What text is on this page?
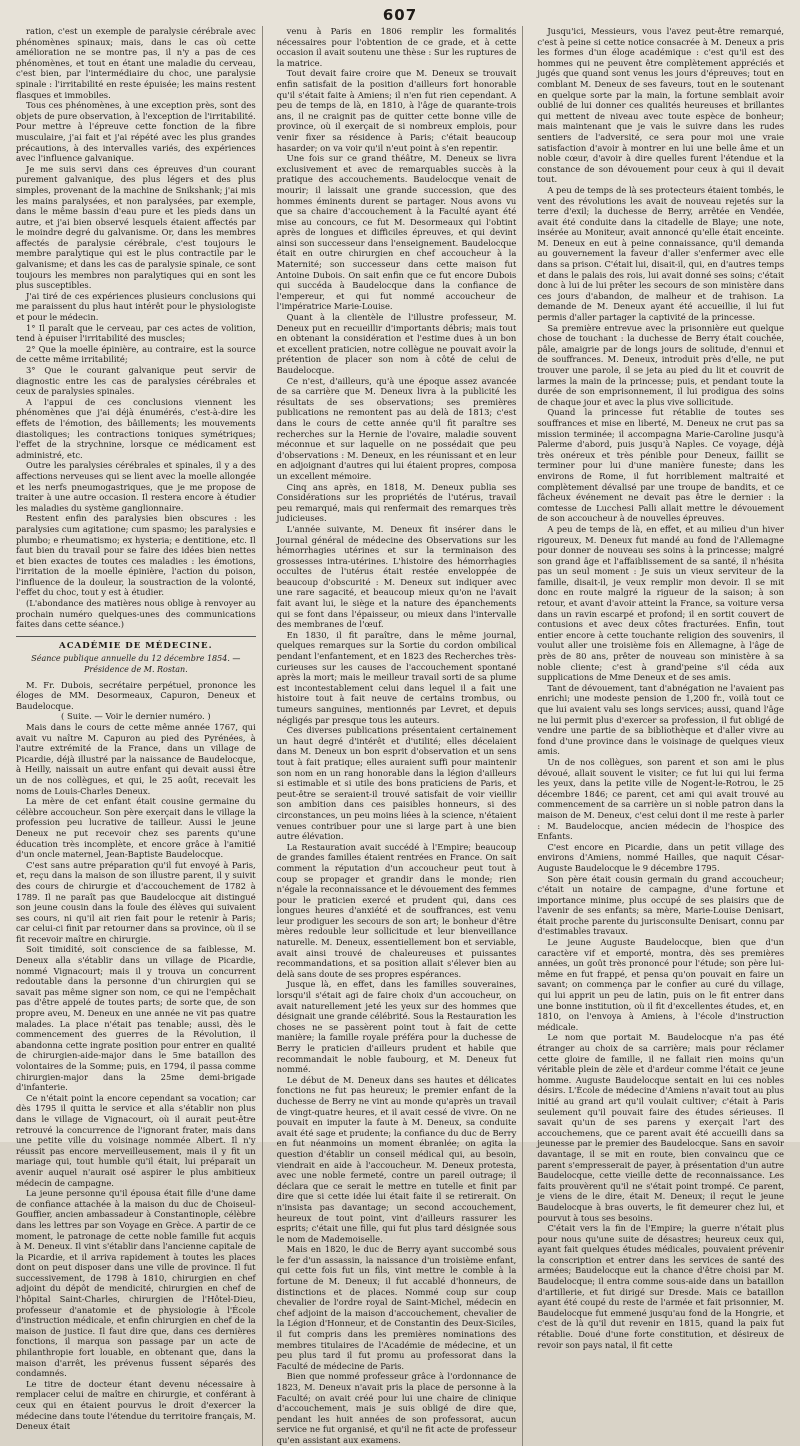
607

ration, c'est un exemple de paralysie cérébrale avec phénomènes spinaux; mais, dans le cas où cette amélioration ne se montre pas, il n'y a pas de ces phénomènes, et tout en étant une maladie du cerveau, c'est bien, par l'intermédiaire du choc, une paralysie spinale : l'irritabilité en reste épuisée; les mains restent flasques et immobiles.

Tous ces phénomènes, à une exception près, sont des objets de pure observation, à l'exception de l'irritabilité. Pour mettre à l'épreuve cette fonction de la fibre musculaire, j'ai fait et j'ai répété avec les plus grandes précautions, à des intervalles variés, des expériences avec l'influence galvanique.

Je me suis servi dans ces épreuves d'un courant purement galvanique, des plus légers et des plus simples, provenant de la machine de Snikshank; j'ai mis les mains paralysées, et non paralysées, par exemple, dans le même bassin d'eau pure et les pieds dans un autre, et j'ai bien observé lesquels étaient affectés par le moindre degré du galvanisme. Or, dans les membres affectés de paralysie cérébrale, c'est toujours le membre paralytique qui est le plus contractile par le galvanisme; et dans les cas de paralysie spinale, ce sont toujours les membres non paralytiques qui en sont les plus susceptibles.

J'ai tiré de ces expériences plusieurs conclusions qui me paraissent du plus haut intérêt pour le physiologiste et pour le médecin.

1° Il paraît que le cerveau, par ces actes de volition, tend à épuiser l'irritabilité des muscles;

2° Que la moelle épinière, au contraire, est la source de cette même irritabilité;

3° Que le courant galvanique peut servir de diagnostic entre les cas de paralysies cérébrales et ceux de paralysies spinales.

A l'appui de ces conclusions viennent les phénomènes que j'ai déjà énumérés, c'est-à-dire les effets de l'émotion, des bâillements; les mouvements diastoliques; les contractions toniques symétriques; l'effet de la strychnine, lorsque ce médicament est administré, etc.

Outre les paralysies cérébrales et spinales, il y a des affections nerveuses qui se lient avec la moelle allongée et les nerfs pneumogastriques, que je me propose de traiter à une autre occasion. Il restera encore à étudier les maladies du système ganglionnaire.

Restent enfin des paralysies bien obscures : les paralysies cum agitatione; cum spasmo; les paralysies e plumbo; e rheumatismo; ex hysteria; e dentitione, etc. Il faut bien du travail pour se faire des idées bien nettes et bien exactes de toutes ces maladies : les émotions, l'irritation de la moelle épinière, l'action du poison, l'influence de la douleur, la soustraction de la volonté, l'effet du choc, tout y est à étudier.

(L'abondance des matières nous oblige à renvoyer au prochain numéro quelques-unes des communications faites dans cette séance.)

ACADÉMIE DE MÉDECINE.
Séance publique annuelle du 12 décembre 1854. — Présidence de M. Rostan.

M. Fr. Dubois, secrétaire perpétuel, prononce les éloges de MM. Desormeaux, Capuron, Deneux et Baudelocque.

( Suite. — Voir le dernier numéro. )

Mais dans le cours de cette même année 1767, qui avait vu naître M. Capuron au pied des Pyrénées, à l'autre extrémité de la France, dans un village de Picardie, déjà illustré par la naissance de Baudelocque, à Heilly, naissait un autre enfant qui devait aussi être un de nos collègues, et qui, le 25 août, recevait les noms de Louis-Charles Deneux.

La mère de cet enfant était cousine germaine du célèbre accoucheur. Son père exerçait dans le village la profession peu lucrative de tailleur. Aussi le jeune Deneux ne put recevoir chez ses parents qu'une éducation très incomplète, et encore grâce à l'amitié d'un oncle maternel, Jean-Baptiste Baudelocque.

C'est sans autre préparation qu'il fut envoyé à Paris, et, reçu dans la maison de son illustre parent, il y suivit des cours de chirurgie et d'accouchement de 1782 à 1789. Il ne paraît pas que Baudelocque ait distingué son jeune cousin dans la foule des élèves qui suivaient ses cours, ni qu'il ait rien fait pour le retenir à Paris; car celui-ci finit par retourner dans sa province, où il se fit recevoir maître en chirurgie.

Soit timidité, soit conscience de sa faiblesse, M. Deneux alla s'établir dans un village de Picardie, nommé Vignacourt; mais il y trouva un concurrent redoutable dans la personne d'un chirurgien qui se savait pas même signer son nom, ce qui ne l'empêchait pas d'être appelé de toutes parts; de sorte que, de son propre aveu, M. Deneux en une année ne vit pas quatre malades. La place n'était pas tenable; aussi, dès le commencement des guerres de la Révolution, il abandonna cette ingrate position pour entrer en qualité de chirurgien-aide-major dans le 5me bataillon des volontaires de la Somme; puis, en 1794, il passa comme chirurgien-major dans la 25me demi-brigade d'infanterie.

Ce n'était point la encore cependant sa vocation; car dès 1795 il quitta le service et alla s'établir non plus dans le village de Vignacourt, où il aurait peut-être retrouvé la concurrence de l'ignorant frater, mais dans une petite ville du voisinage nommée Albert. Il n'y réussit pas encore merveilleusement, mais il y fit un mariage qui, tout humble qu'il était, lui préparait un avenir auquel n'aurait osé aspirer le plus ambitieux médecin de campagne.

La jeune personne qu'il épousa était fille d'une dame de confiance attachée à la maison du duc de Choiseul-Gouffier, ancien ambassadeur à Constantinople, célèbre dans les lettres par son Voyage en Grèce. A partir de ce moment, le patronage de cette noble famille fut acquis à M. Deneux. Il vint s'établir dans l'ancienne capitale de la Picardie, et il arriva rapidement à toutes les places dont on peut disposer dans une ville de province. Il fut successivement, de 1798 à 1810, chirurgien en chef adjoint du dépôt de mendicité, chirurgien en chef de l'hôpital Saint-Charles, chirurgien de l'Hôtel-Dieu, professeur d'anatomie et de physiologie à l'École d'instruction médicale, et enfin chirurgien en chef de la maison de justice. Il faut dire que, dans ces dernières fonctions, il marqua son passage par un acte de philanthropie fort louable, en obtenant que, dans la maison d'arrêt, les prévenus fussent séparés des condamnés.

Le titre de docteur étant devenu nécessaire à remplacer celui de maître en chirurgie, et conférant à ceux qui en étaient pourvus le droit d'exercer la médecine dans toute l'étendue du territoire français, M. Deneux était

venu à Paris en 1806 remplir les formalités nécessaires pour l'obtention de ce grade, et à cette occasion il avait soutenu une thèse : Sur les ruptures de la matrice.

Tout devait faire croire que M. Deneux se trouvait enfin satisfait de la position d'ailleurs fort honorable qu'il s'était faite à Amiens; il n'en fut rien cependant. A peu de temps de là, en 1810, à l'âge de quarante-trois ans, il ne craignit pas de quitter cette bonne ville de province, où il exerçait de si nombreux emplois, pour venir fixer sa résidence à Paris; c'était beaucoup hasarder; on va voir qu'il n'eut point à s'en repentir.

Une fois sur ce grand théâtre, M. Deneux se livra exclusivement et avec de remarquables succès à la pratique des accouchements. Baudelocque venait de mourir; il laissait une grande succession, que des hommes éminents durent se partager. Nous avons vu que sa chaire d'accouchement à la Faculté ayant été mise au concours, ce fut M. Desormeaux qui l'obtint après de longues et difficiles épreuves, et qui devint ainsi son successeur dans l'enseignement. Baudelocque était en outre chirurgien en chef accoucheur à la Maternité; son successeur dans cette maison fut Antoine Dubois. On sait enfin que ce fut encore Dubois qui succéda à Baudelocque dans la confiance de l'empereur, et qui fut nommé accoucheur de l'impératrice Marie-Louise.

Quant à la clientèle de l'illustre professeur, M. Deneux put en recueillir d'importants débris; mais tout en obtenant la considération et l'estime dues à un bon et excellent praticien, notre collègue ne pouvait avoir la prétention de placer son nom à côté de celui de Baudelocque.

Ce n'est, d'ailleurs, qu'à une époque assez avancée de sa carrière que M. Deneux livra à la publicité les résultats de ses observations; ses premières publications ne remontent pas au delà de 1813; c'est dans le cours de cette année qu'il fit paraître ses recherches sur la Hernie de l'ovaire, maladie souvent méconnue et sur laquelle on ne possédait que peu d'observations : M. Deneux, en les réunissant et en leur en adjoignant d'autres qui lui étaient propres, composa un excellent mémoire.

Cinq ans après, en 1818, M. Deneux publia ses Considérations sur les propriétés de l'utérus, travail peu remarqué, mais qui renfermait des remarques très judicieuses.

L'année suivante, M. Deneux fit insérer dans le Journal général de médecine des Observations sur les hémorrhagies utérines et sur la terminaison des grossesses intra-utérines. L'histoire des hémorrhagies occultes de l'utérus était restée enveloppée de beaucoup d'obscurité : M. Deneux sut indiquer avec une rare sagacité, et beaucoup mieux qu'on ne l'avait fait avant lui, le siège et la nature des épanchements qui se font dans l'épaisseur, ou mieux dans l'intervalle des membranes de l'œuf.

En 1830, il fit paraître, dans le même journal, quelques remarques sur la Sortie du cordon ombilical pendant l'enfantement, et en 1823 des Recherches très-curieuses sur les causes de l'accouchement spontané après la mort; mais le meilleur travail sorti de sa plume est incontestablement celui dans lequel il a fait une histoire tout à fait neuve de certains trombus, ou tumeurs sanguines, mentionnés par Levret, et depuis négligés par presque tous les auteurs.

Ces diverses publications présentaient certainement un haut degré d'intérêt et d'utilité; elles décelaient dans M. Deneux un bon esprit d'observation et un sens tout à fait pratique; elles auraient suffi pour maintenir son nom en un rang honorable dans la légion d'ailleurs si estimable et si utile des bons praticiens de Paris, et peut-être se seraient-il trouvé satisfait de voir vieillir son ambition dans ces paisibles honneurs, si des circonstances, un peu moins liées à la science, n'étaient venues contribuer pour une si large part à une bien autre élévation.

La Restauration avait succédé à l'Empire; beaucoup de grandes familles étaient rentrées en France. On sait comment la réputation d'un accoucheur peut tout à coup se propager et grandir dans le monde; rien n'égale la reconnaissance et le dévouement des femmes pour le praticien exercé et prudent qui, dans ces longues heures d'anxiété et de souffrances, est venu leur prodiguer les secours de son art; le bonheur d'être mères redouble leur sollicitude et leur bienveillance naturelle. M. Deneux, essentiellement bon et serviable, avait ainsi trouvé de chaleureuses et puissantes recommandations, et sa position allait s'élever bien au delà sans doute de ses propres espérances.

Jusque là, en effet, dans les familles souveraines, lorsqu'il s'était agi de faire choix d'un accoucheur, on avait naturellement jeté les yeux sur des hommes que désignait une grande célébrité. Sous la Restauration les choses ne se passèrent point tout à fait de cette manière; la famille royale préféra pour la duchesse de Berry le praticien d'ailleurs prudent et habile que recommandait le noble faubourg, et M. Deneux fut nommé.

Le début de M. Deneux dans ses hautes et délicates fonctions ne fut pas heureux; le premier enfant de la duchesse de Berry ne vint au monde qu'après un travail de vingt-quatre heures, et il avait cessé de vivre. On ne pouvait en imputer la faute à M. Deneux, sa conduite avait été sage et prudente; la confiance du duc de Berry en fut néanmoins un moment ébranlée; on agita la question d'établir un conseil médical qui, au besoin, viendrait en aide à l'accoucheur. M. Deneux protesta, avec une noble fermeté, contre un pareil outrage; il déclara que ce serait le mettre en tutelle et finit par dire que si cette idée lui était faite il se retirerait. On n'insista pas davantage; un second accouchement, heureux de tout point, vint d'ailleurs rassurer les esprits; c'était une fille, qui fut plus tard désignée sous le nom de Mademoiselle.

Mais en 1820, le duc de Berry ayant succombé sous le fer d'un assassin, la naissance d'un troisième enfant, qui cette fois fut un fils, vint mettre le comble à la fortune de M. Deneux; il fut accablé d'honneurs, de distinctions et de places. Nommé coup sur coup chevalier de l'ordre royal de Saint-Michel, médecin en chef adjoint de la maison d'accouchement, chevalier de la Légion d'Honneur, et de Constantin des Deux-Siciles, il fut compris dans les premières nominations des membres titulaires de l'Académie de médecine, et un peu plus tard il fut promu au professorat dans la Faculté de médecine de Paris.

Bien que nommé professeur grâce à l'ordonnance de 1823, M. Deneux n'avait pris la place de personne à la Faculté; on avait créé pour lui une chaire de clinique d'accouchement, mais je suis obligé de dire que, pendant les huit années de son professorat, aucun service ne fut organisé, et qu'il ne fit acte de professeur qu'en assistant aux examens.

Jusqu'ici, Messieurs, vous l'avez peut-être remarqué, c'est à peine si cette notice consacrée à M. Deneux a pris les formes d'un éloge académique : c'est qu'il est des hommes qui ne peuvent être complètement appréciés et jugés que quand sont venus les jours d'épreuves; tout en comblant M. Deneux de ses faveurs, tout en le soutenant en quelque sorte par la main, la fortune semblait avoir oublié de lui donner ces qualités heureuses et brillantes qui mettent de niveau avec toute espèce de bonheur; mais maintenant que je vais le suivre dans les rudes sentiers de l'adversité, ce sera pour moi une vraie satisfaction d'avoir à montrer en lui une belle âme et un noble cœur, d'avoir à dire quelles furent l'étendue et la constance de son dévouement pour ceux à qui il devait tout.

A peu de temps de là ses protecteurs étaient tombés, le vent des révolutions les avait de nouveau rejetés sur la terre d'exil; la duchesse de Berry, arrêtée en Vendée, avait été conduite dans la citadelle de Blaye; une note, insérée au Moniteur, avait annoncé qu'elle était enceinte. M. Deneux en eut à peine connaissance, qu'il demanda au gouvernement la faveur d'aller s'enfermer avec elle dans sa prison. C'était lui, disait-il, qui, en d'autres temps et dans le palais des rois, lui avait donné ses soins; c'était donc à lui de lui prêter les secours de son ministère dans ces jours d'abandon, de malheur et de trahison. La demande de M. Deneux ayant été accueillie, il lui fut permis d'aller partager la captivité de la princesse.

Sa première entrevue avec la prisonnière eut quelque chose de touchant : la duchesse de Berry était couchée, pâle, amaigrie par de longs jours de solitude, d'ennui et de souffrances. M. Deneux, introduit près d'elle, ne put trouver une parole, il se jeta au pied du lit et couvrit de larmes la main de la princesse; puis, et pendant toute la durée de son emprisonnement, il lui prodigua des soins de chaque jour et avec la plus vive sollicitude.

Quand la princesse fut rétablie de toutes ses souffrances et mise en liberté, M. Deneux ne crut pas sa mission terminée; il accompagna Marie-Caroline jusqu'à Palerme d'abord, puis jusqu'à Naples. Ce voyage, déjà très onéreux et très pénible pour Deneux, faillit se terminer pour lui d'une manière funeste; dans les environs de Rome, il fut horriblement maltraité et complètement dévalisé par une troupe de bandits, et ce fâcheux événement ne devait pas être le dernier : la comtesse de Lucchesi Palli allait mettre le dévouement de son accoucheur à de nouvelles épreuves.

A peu de temps de là, en effet, et au milieu d'un hiver rigoureux, M. Deneux fut mandé au fond de l'Allemagne pour donner de nouveau ses soins à la princesse; malgré son grand âge et l'affaiblissement de sa santé, il n'hésita pas un seul moment : Je suis un vieux serviteur de la famille, disait-il, je veux remplir mon devoir. Il se mit donc en route malgré la rigueur de la saison; à son retour, et avant d'avoir atteint la France, sa voiture versa dans un ravin escarpé et profond; il en sortit couvert de contusions et avec deux côtes fracturées. Enfin, tout entier encore à cette touchante religion des souvenirs, il voulut aller une troisième fois en Allemagne, à l'âge de près de 80 ans, prêter de nouveau son ministère à sa noble cliente; c'est à grand'peine s'il céda aux supplications de Mme Deneux et de ses amis.

Tant de dévouement, tant d'abnégation ne l'avaient pas enrichi; une modeste pension de 1,200 fr., voilà tout ce que lui avaient valu ses longs services; aussi, quand l'âge ne lui permit plus d'exercer sa profession, il fut obligé de vendre une partie de sa bibliothèque et d'aller vivre au fond d'une province dans le voisinage de quelques vieux amis.

Un de nos collègues, son parent et son ami le plus dévoué, allait souvent le visiter; ce fut lui qui lui ferma les yeux, dans la petite ville de Nogent-le-Rotrou, le 25 décembre 1846; ce parent, cet ami qui avait trouvé au commencement de sa carrière un si noble patron dans la maison de M. Deneux, c'est celui dont il me reste à parler : M. Baudelocque, ancien médecin de l'hospice des Enfants.

C'est encore en Picardie, dans un petit village des environs d'Amiens, nommé Hailles, que naquit César-Auguste Baudelocque le 9 décembre 1795.

Son père était cousin germain du grand accoucheur; c'était un notaire de campagne, d'une fortune et importance minime, plus occupé de ses plaisirs que de l'avenir de ses enfants; sa mère, Marie-Louise Denisart, était proche parente du jurisconsulte Denisart, connu par d'estimables travaux.

Le jeune Auguste Baudelocque, bien que d'un caractère vif et emporté, montra, dès ses premières années, un goût très prononcé pour l'étude; son père lui-même en fut frappé, et pensa qu'on pouvait en faire un savant; on commença par le confier au curé du village, qui lui apprit un peu de latin, puis on le fit entrer dans une bonne institution, où il fit d'excellentes études, et, en 1810, on l'envoya à Amiens, à l'école d'instruction médicale.

Le nom que portait M. Baudelocque n'a pas été étranger au choix de sa carrière; mais pour réclamer cette gloire de famille, il ne fallait rien moins qu'un véritable plein de zèle et d'ardeur comme l'était ce jeune homme. Auguste Baudelocque sentait en lui ces nobles désirs. L'École de médecine d'Amiens n'avait tout au plus initié au grand art qu'il voulait cultiver; c'était à Paris seulement qu'il pouvait faire des études sérieuses. Il savait qu'un de ses parens y exerçait l'art des accouchemens, que ce parent avait été accueilli dans sa jeunesse par le premier des Baudelocque. Sans en savoir davantage, il se mit en route, bien convaincu que ce parent s'empresserait de payer, à présentation d'un autre Baudelocque, cette vieille dette de reconnaissance. Les faits prouvèrent qu'il ne s'était point trompé. Ce parent, je viens de le dire, était M. Deneux; il reçut le jeune Baudelocque à bras ouverts, le fit demeurer chez lui, et pourvut à tous ses besoins.

C'était vers la fin de l'Empire; la guerre n'était plus pour nous qu'une suite de désastres; heureux ceux qui, ayant fait quelques études médicales, pouvaient prévenir la conscription et entrer dans les services de santé des armées; Baudelocque eut la chance d'être choisi par M. Baudelocque; il entra comme sous-aide dans un bataillon d'artillerie, et fut dirigé sur Dresde. Mais ce bataillon ayant été coupé du reste de l'armée et fait prisonnier, M. Baudelocque fut emmené jusqu'au fond de la Hongrie, et c'est de là qu'il dut revenir en 1815, quand la paix fut rétablie. Doué d'une forte constitution, et désireux de revoir son pays natal, il fit cette
